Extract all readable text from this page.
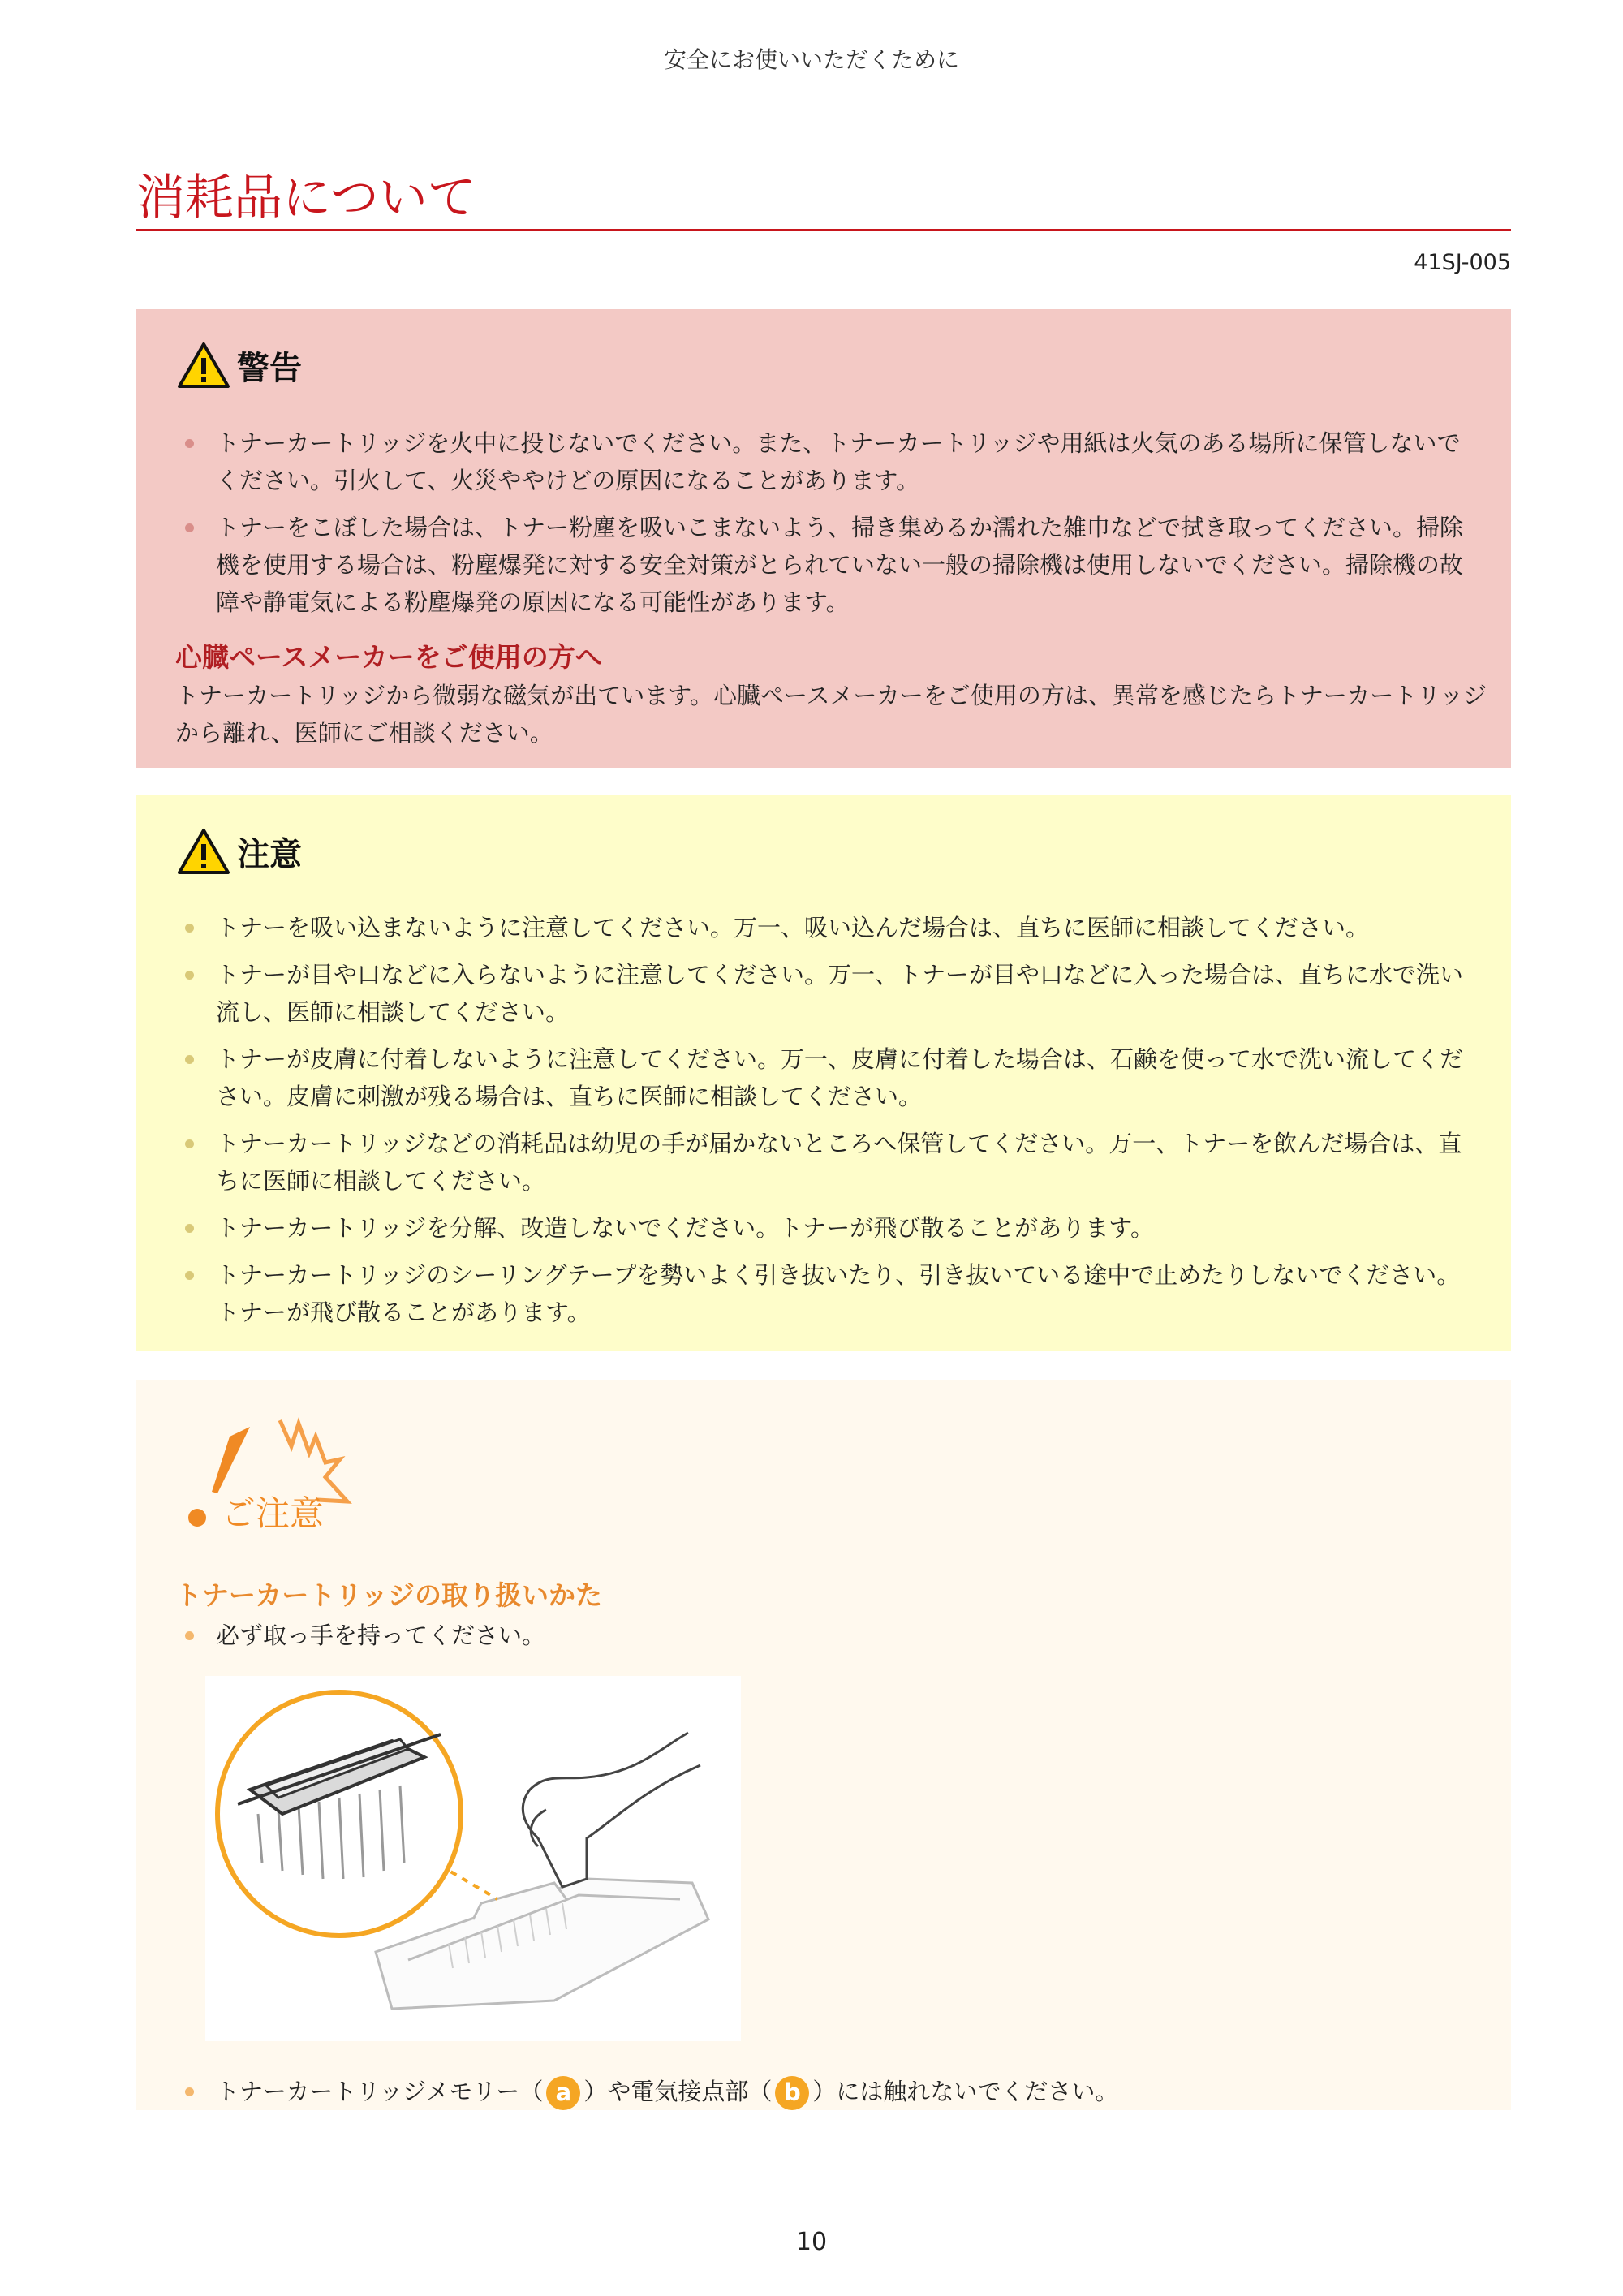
安全にお使いいただくために
消耗品について
41SJ-005
警告
トナーカートリッジを火中に投じないでください。また、トナーカートリッジや用紙は火気のある場所に保管しないでください。引火して、火災ややけどの原因になることがあります。
トナーをこぼした場合は、トナー粉塵を吸いこまないよう、掃き集めるか濡れた雑巾などで拭き取ってください。掃除機を使用する場合は、粉塵爆発に対する安全対策がとられていない一般の掃除機は使用しないでください。掃除機の故障や静電気による粉塵爆発の原因になる可能性があります。
心臓ペースメーカーをご使用の方へ
トナーカートリッジから微弱な磁気が出ています。心臓ペースメーカーをご使用の方は、異常を感じたらトナーカートリッジから離れ、医師にご相談ください。
注意
トナーを吸い込まないように注意してください。万一、吸い込んだ場合は、直ちに医師に相談してください。
トナーが目や口などに入らないように注意してください。万一、トナーが目や口などに入った場合は、直ちに水で洗い流し、医師に相談してください。
トナーが皮膚に付着しないように注意してください。万一、皮膚に付着した場合は、石鹸を使って水で洗い流してください。皮膚に刺激が残る場合は、直ちに医師に相談してください。
トナーカートリッジなどの消耗品は幼児の手が届かないところへ保管してください。万一、トナーを飲んだ場合は、直ちに医師に相談してください。
トナーカートリッジを分解、改造しないでください。トナーが飛び散ることがあります。
トナーカートリッジのシーリングテープを勢いよく引き抜いたり、引き抜いている途中で止めたりしないでください。トナーが飛び散ることがあります。
ご注意
トナーカートリッジの取り扱いかた
必ず取っ手を持ってください。
トナーカートリッジメモリー（ a ）や電気接点部（ b ）には触れないでください。
10
